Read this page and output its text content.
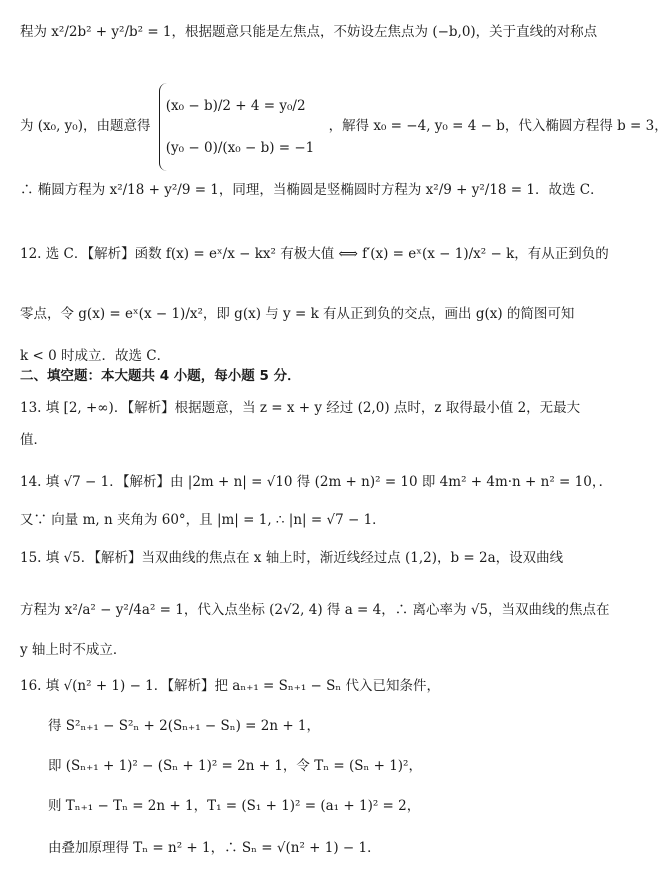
程为 x²/2b² + y²/b² = 1，根据题意只能是左焦点，不妨设左焦点为 (−b,0)，关于直线的对称点
为 (x₀, y₀)，由题意得
(x₀ − b)/2 + 4 = y₀/2
(y₀ − 0)/(x₀ − b) = −1
，解得 x₀ = −4, y₀ = 4 − b，代入椭圆方程得 b = 3，
∴ 椭圆方程为 x²/18 + y²/9 = 1，同理，当椭圆是竖椭圆时方程为 x²/9 + y²/18 = 1．故选 C．
12. 选 C．【解析】函数 f(x) = eˣ/x − kx² 有极大值 ⟺ f′(x) = eˣ(x − 1)/x² − k，有从正到负的
零点，令 g(x) = eˣ(x − 1)/x²，即 g(x) 与 y = k 有从正到负的交点，画出 g(x) 的简图可知
k < 0 时成立．故选 C．
二、填空题：本大题共 4 小题，每小题 5 分．
13. 填 [2, +∞)．【解析】根据题意，当 z = x + y 经过 (2,0) 点时，z 取得最小值 2，无最大
值．
14. 填 √7 − 1．【解析】由 |2m + n| = √10 得 (2m + n)² = 10 即 4m² + 4m·n + n² = 10，．
又∵ 向量 m, n 夹角为 60°，且 |m| = 1, ∴ |n| = √7 − 1．
15. 填 √5．【解析】当双曲线的焦点在 x 轴上时，渐近线经过点 (1,2)，b = 2a，设双曲线
方程为 x²/a² − y²/4a² = 1，代入点坐标 (2√2, 4) 得 a = 4，∴ 离心率为 √5，当双曲线的焦点在
y 轴上时不成立．
16. 填 √(n² + 1) − 1．【解析】把 aₙ₊₁ = Sₙ₊₁ − Sₙ 代入已知条件，
得 S²ₙ₊₁ − S²ₙ + 2(Sₙ₊₁ − Sₙ) = 2n + 1，
即 (Sₙ₊₁ + 1)² − (Sₙ + 1)² = 2n + 1，令 Tₙ = (Sₙ + 1)²，
则 Tₙ₊₁ − Tₙ = 2n + 1，T₁ = (S₁ + 1)² = (a₁ + 1)² = 2，
由叠加原理得 Tₙ = n² + 1，∴ Sₙ = √(n² + 1) − 1．
